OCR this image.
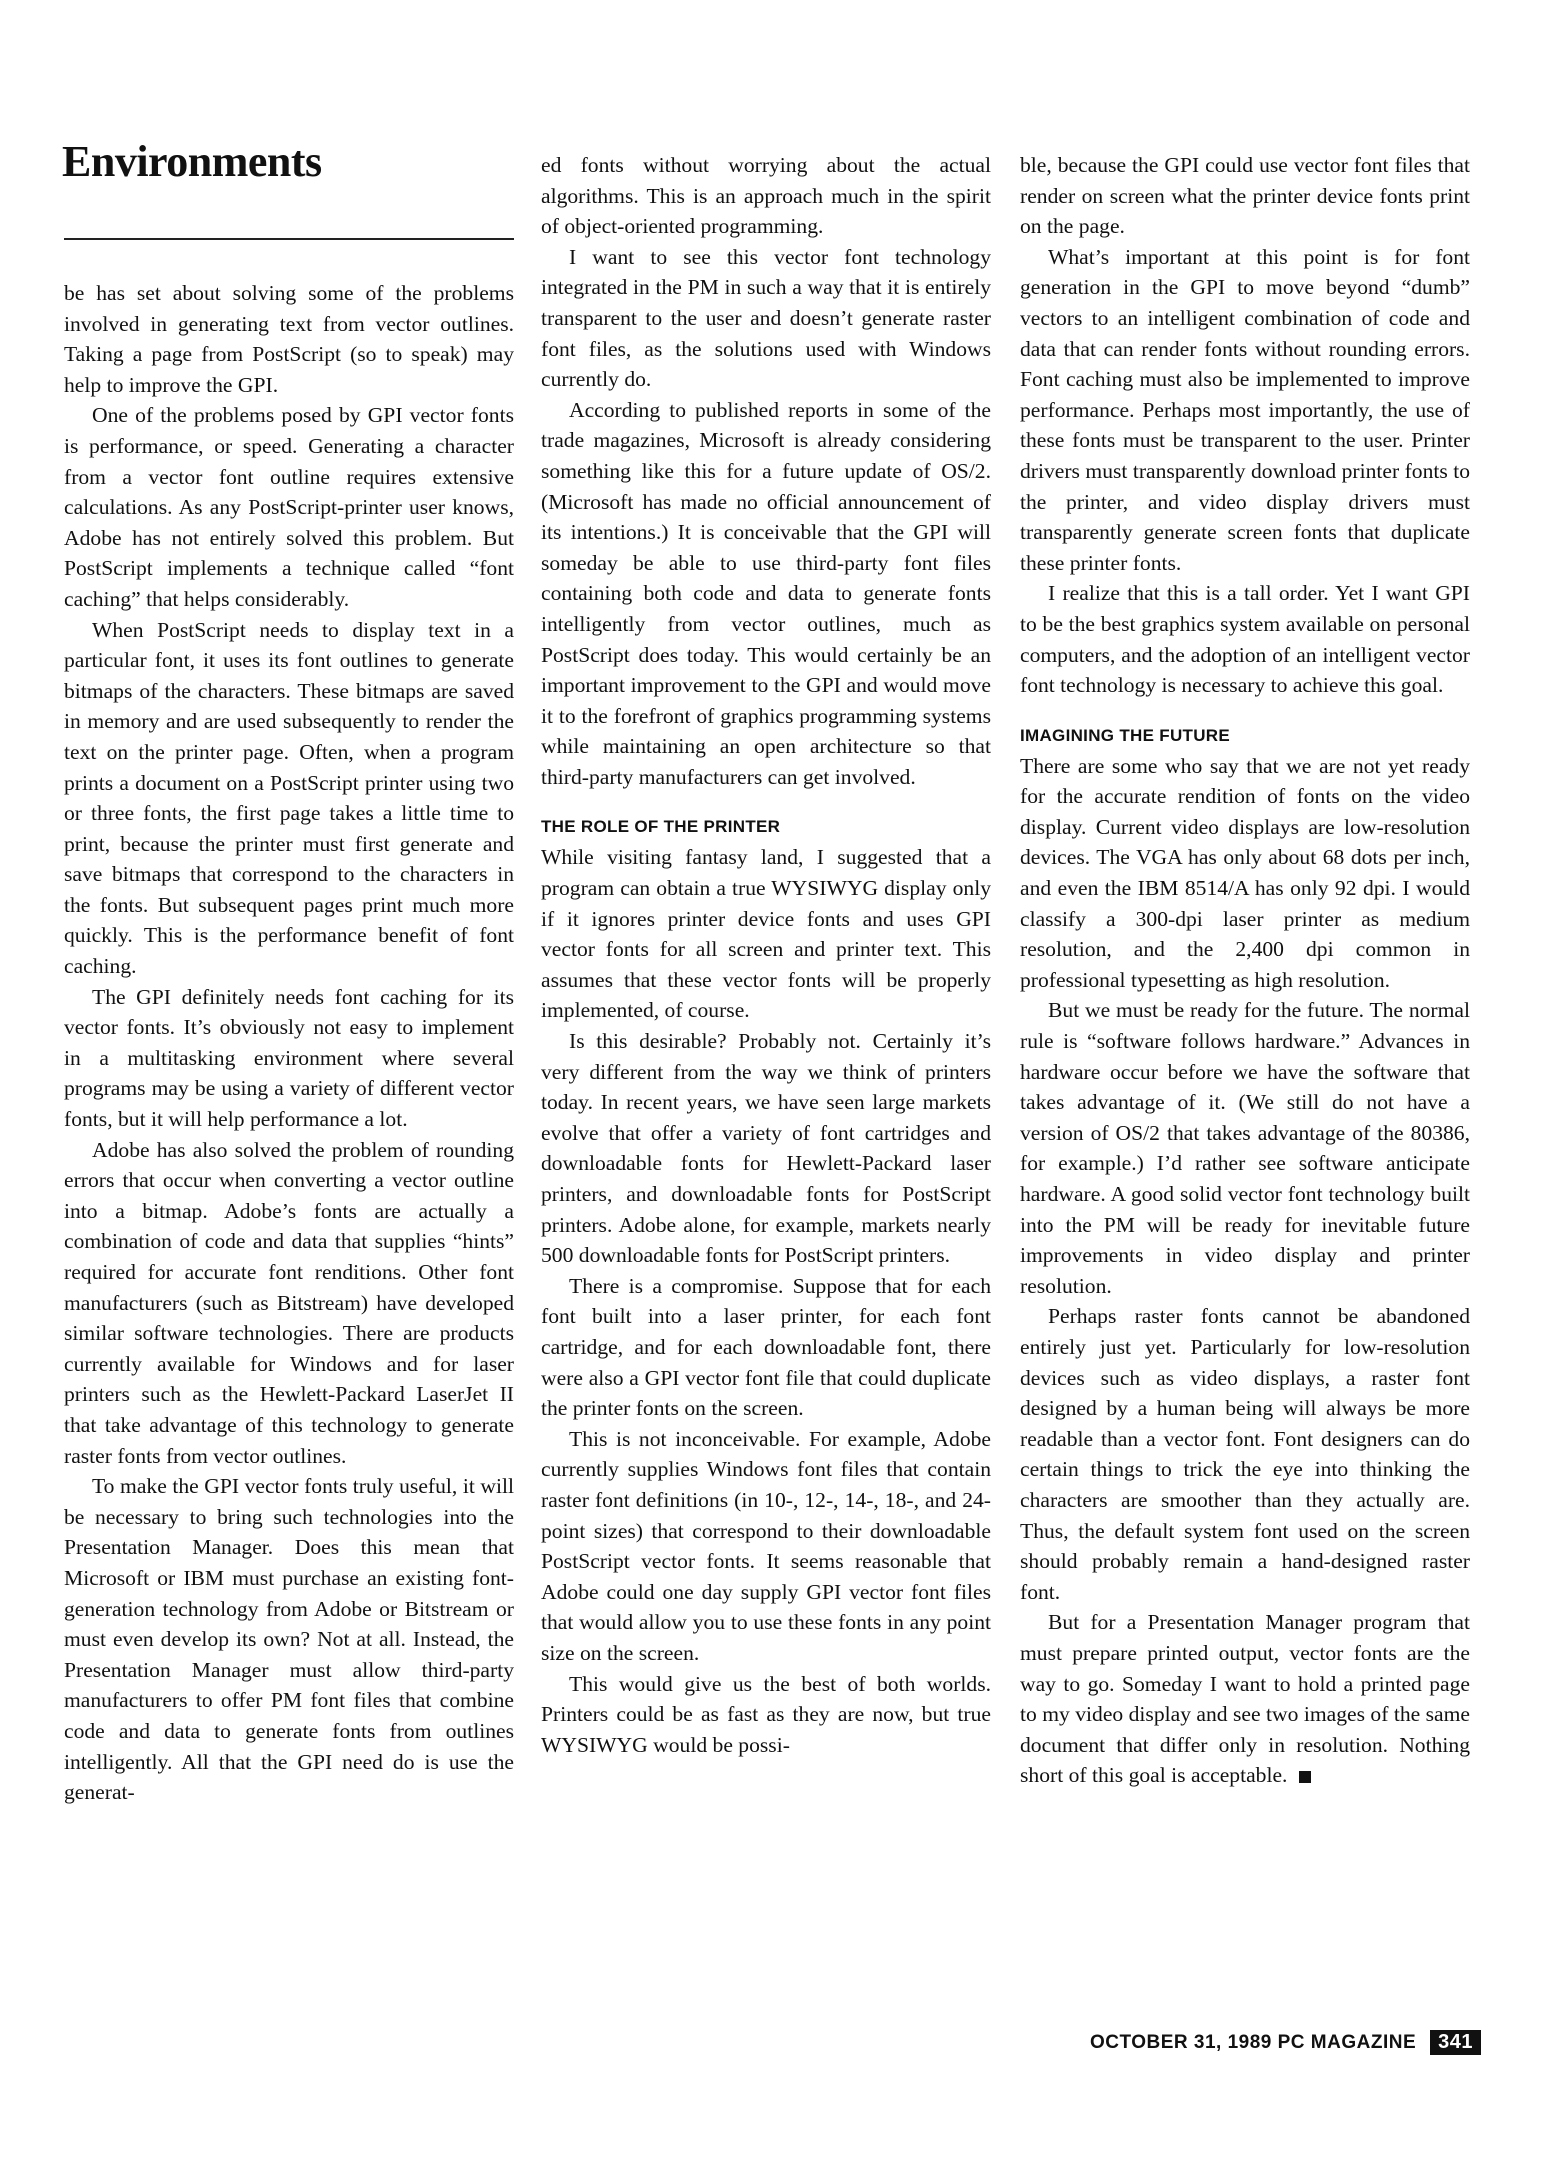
Environments

be has set about solving some of the problems involved in generating text from vector outlines. Taking a page from PostScript (so to speak) may help to improve the GPI.

One of the problems posed by GPI vector fonts is performance, or speed. Generating a character from a vector font outline requires extensive calculations. As any PostScript-printer user knows, Adobe has not entirely solved this problem. But PostScript implements a technique called “font caching” that helps considerably.

When PostScript needs to display text in a particular font, it uses its font outlines to generate bitmaps of the characters. These bitmaps are saved in memory and are used subsequently to render the text on the printer page. Often, when a program prints a document on a PostScript printer using two or three fonts, the first page takes a little time to print, because the printer must first generate and save bitmaps that correspond to the characters in the fonts. But subsequent pages print much more quickly. This is the performance benefit of font caching.

The GPI definitely needs font caching for its vector fonts. It’s obviously not easy to implement in a multitasking environment where several programs may be using a variety of different vector fonts, but it will help performance a lot.

Adobe has also solved the problem of rounding errors that occur when converting a vector outline into a bitmap. Adobe’s fonts are actually a combination of code and data that supplies “hints” required for accurate font renditions. Other font manufacturers (such as Bitstream) have developed similar software technologies. There are products currently available for Windows and for laser printers such as the Hewlett-Packard LaserJet II that take advantage of this technology to generate raster fonts from vector outlines.

To make the GPI vector fonts truly useful, it will be necessary to bring such technologies into the Presentation Manager. Does this mean that Microsoft or IBM must purchase an existing font-generation technology from Adobe or Bitstream or must even develop its own? Not at all. Instead, the Presentation Manager must allow third-party manufacturers to offer PM font files that combine code and data to generate fonts from outlines intelligently. All that the GPI need do is use the generat-

ed fonts without worrying about the actual algorithms. This is an approach much in the spirit of object-oriented programming.

I want to see this vector font technology integrated in the PM in such a way that it is entirely transparent to the user and doesn’t generate raster font files, as the solutions used with Windows currently do.

According to published reports in some of the trade magazines, Microsoft is already considering something like this for a future update of OS/2. (Microsoft has made no official announcement of its intentions.) It is conceivable that the GPI will someday be able to use third-party font files containing both code and data to generate fonts intelligently from vector outlines, much as PostScript does today. This would certainly be an important improvement to the GPI and would move it to the forefront of graphics programming systems while maintaining an open architecture so that third-party manufacturers can get involved.

THE ROLE OF THE PRINTER

While visiting fantasy land, I suggested that a program can obtain a true WYSIWYG display only if it ignores printer device fonts and uses GPI vector fonts for all screen and printer text. This assumes that these vector fonts will be properly implemented, of course.

Is this desirable? Probably not. Certainly it’s very different from the way we think of printers today. In recent years, we have seen large markets evolve that offer a variety of font cartridges and downloadable fonts for Hewlett-Packard laser printers, and downloadable fonts for PostScript printers. Adobe alone, for example, markets nearly 500 downloadable fonts for PostScript printers.

There is a compromise. Suppose that for each font built into a laser printer, for each font cartridge, and for each downloadable font, there were also a GPI vector font file that could duplicate the printer fonts on the screen.

This is not inconceivable. For example, Adobe currently supplies Windows font files that contain raster font definitions (in 10-, 12-, 14-, 18-, and 24- point sizes) that correspond to their downloadable PostScript vector fonts. It seems reasonable that Adobe could one day supply GPI vector font files that would allow you to use these fonts in any point size on the screen.

This would give us the best of both worlds. Printers could be as fast as they are now, but true WYSIWYG would be possi-

ble, because the GPI could use vector font files that render on screen what the printer device fonts print on the page.

What’s important at this point is for font generation in the GPI to move beyond “dumb” vectors to an intelligent combination of code and data that can render fonts without rounding errors. Font caching must also be implemented to improve performance. Perhaps most importantly, the use of these fonts must be transparent to the user. Printer drivers must transparently download printer fonts to the printer, and video display drivers must transparently generate screen fonts that duplicate these printer fonts.

I realize that this is a tall order. Yet I want GPI to be the best graphics system available on personal computers, and the adoption of an intelligent vector font technology is necessary to achieve this goal.

IMAGINING THE FUTURE

There are some who say that we are not yet ready for the accurate rendition of fonts on the video display. Current video displays are low-resolution devices. The VGA has only about 68 dots per inch, and even the IBM 8514/A has only 92 dpi. I would classify a 300-dpi laser printer as medium resolution, and the 2,400 dpi common in professional typesetting as high resolution.

But we must be ready for the future. The normal rule is “software follows hardware.” Advances in hardware occur before we have the software that takes advantage of it. (We still do not have a version of OS/2 that takes advantage of the 80386, for example.) I’d rather see software anticipate hardware. A good solid vector font technology built into the PM will be ready for inevitable future improvements in video display and printer resolution.

Perhaps raster fonts cannot be abandoned entirely just yet. Particularly for low-resolution devices such as video displays, a raster font designed by a human being will always be more readable than a vector font. Font designers can do certain things to trick the eye into thinking the characters are smoother than they actually are. Thus, the default system font used on the screen should probably remain a hand-designed raster font.

But for a Presentation Manager program that must prepare printed output, vector fonts are the way to go. Someday I want to hold a printed page to my video display and see two images of the same document that differ only in resolution. Nothing short of this goal is acceptable.

OCTOBER 31, 1989 PC MAGAZINE	341
